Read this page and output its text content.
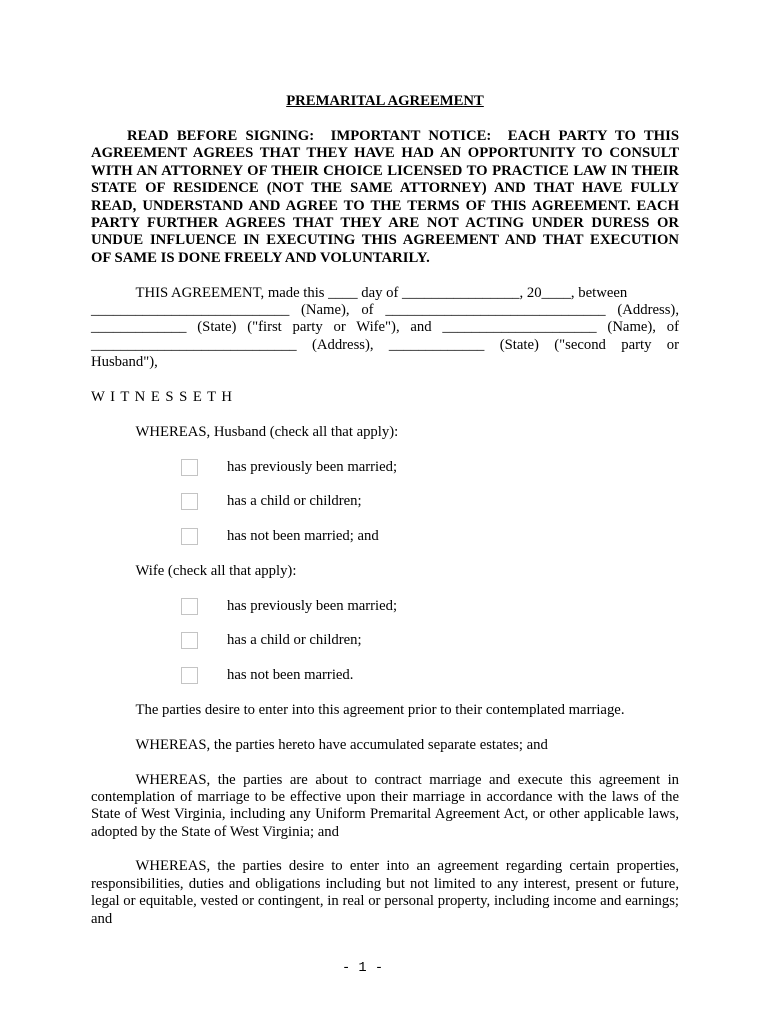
PREMARITAL AGREEMENT
READ BEFORE SIGNING:  IMPORTANT NOTICE:  EACH PARTY TO THIS
AGREEMENT AGREES THAT THEY HAVE HAD AN OPPORTUNITY TO CONSULT
WITH AN ATTORNEY OF THEIR CHOICE LICENSED TO PRACTICE LAW IN THEIR
STATE OF RESIDENCE (NOT THE SAME ATTORNEY) AND THAT HAVE FULLY
READ, UNDERSTAND AND AGREE TO THE TERMS OF THIS AGREEMENT. EACH
PARTY FURTHER AGREES THAT THEY ARE NOT ACTING UNDER DURESS OR
UNDUE INFLUENCE IN EXECUTING THIS AGREEMENT AND THAT EXECUTION
OF SAME IS DONE FREELY AND VOLUNTARILY.
THIS AGREEMENT, made this ____ day of ________________, 20____, between
___________________________ (Name), of ______________________________ (Address),
_____________ (State) ("first party or Wife"), and _____________________ (Name), of
____________________________ (Address), _____________ (State) ("second party or
Husband"),
W I T N E S S E T H
WHEREAS, Husband (check all that apply):
has previously been married;
has a child or children;
has not been married; and
Wife (check all that apply):
has previously been married;
has a child or children;
has not been married.
The parties desire to enter into this agreement prior to their contemplated marriage.
WHEREAS, the parties hereto have accumulated separate estates; and
WHEREAS, the parties are about to contract marriage and execute this agreement in
contemplation of marriage to be effective upon their marriage in accordance with the laws of the
State of West Virginia, including any Uniform Premarital Agreement Act, or other applicable laws,
adopted by the State of West Virginia; and
WHEREAS, the parties desire to enter into an agreement regarding certain properties,
responsibilities, duties and obligations including but not limited to any interest, present or future,
legal or equitable, vested or contingent, in real or personal property, including income and earnings;
and
- 1 -
